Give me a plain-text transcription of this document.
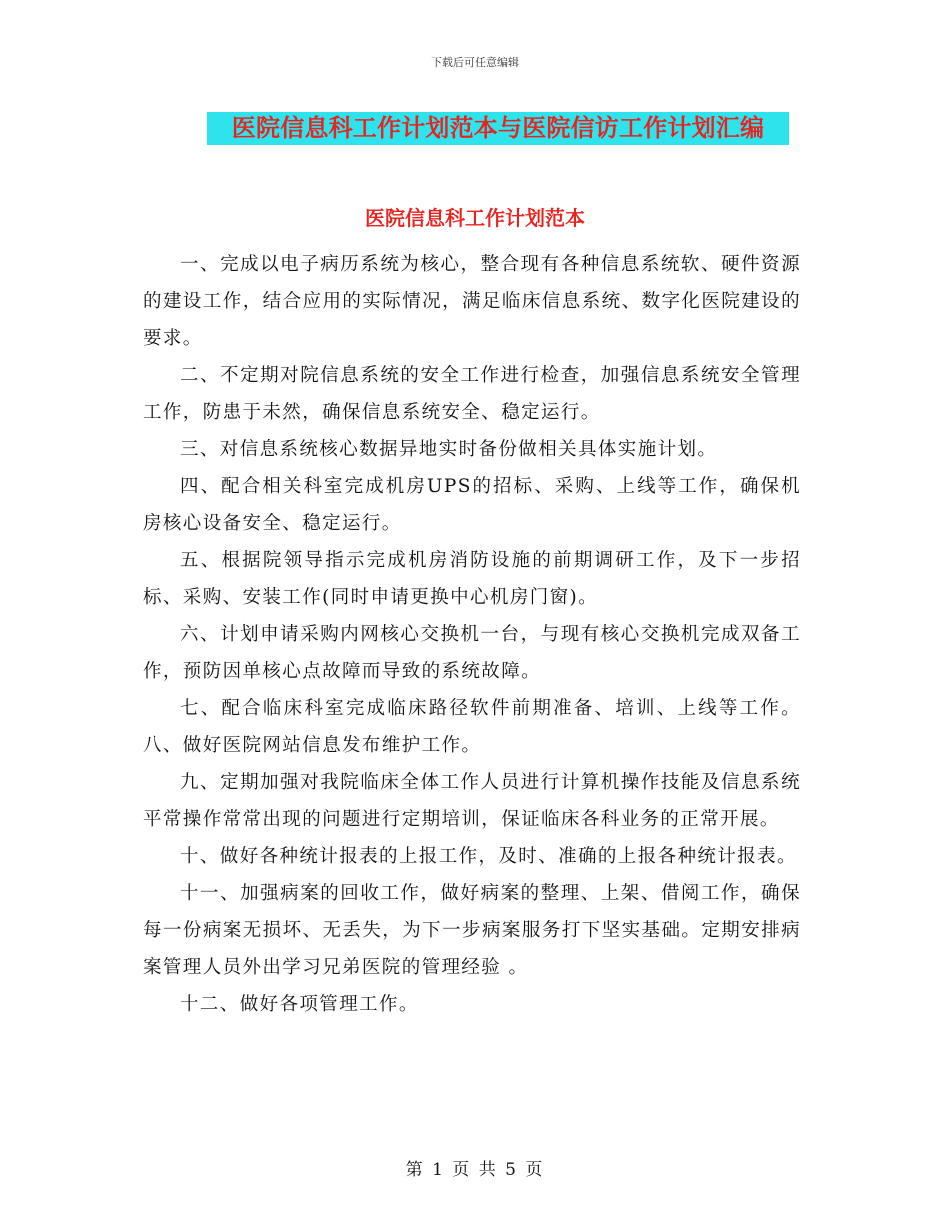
下载后可任意编辑
医院信息科工作计划范本与医院信访工作计划汇编
医院信息科工作计划范本

一、完成以电子病历系统为核心，整合现有各种信息系统软、硬件资源的建设工作，结合应用的实际情况，满足临床信息系统、数字化医院建设的要求。

二、不定期对院信息系统的安全工作进行检查，加强信息系统安全管理工作，防患于未然，确保信息系统安全、稳定运行。

三、对信息系统核心数据异地实时备份做相关具体实施计划。

四、配合相关科室完成机房UPS的招标、采购、上线等工作，确保机房核心设备安全、稳定运行。

五、根据院领导指示完成机房消防设施的前期调研工作，及下一步招标、采购、安装工作(同时申请更换中心机房门窗)。

六、计划申请采购内网核心交换机一台，与现有核心交换机完成双备工作，预防因单核心点故障而导致的系统故障。

七、配合临床科室完成临床路径软件前期准备、培训、上线等工作。 八、做好医院网站信息发布维护工作。

九、定期加强对我院临床全体工作人员进行计算机操作技能及信息系统平常操作常常出现的问题进行定期培训，保证临床各科业务的正常开展。

十、做好各种统计报表的上报工作，及时、准确的上报各种统计报表。

十一、加强病案的回收工作，做好病案的整理、上架、借阅工作，确保每一份病案无损坏、无丢失，为下一步病案服务打下坚实基础。定期安排病案管理人员外出学习兄弟医院的管理经验 。

十二、做好各项管理工作。

第 1 页 共 5 页
